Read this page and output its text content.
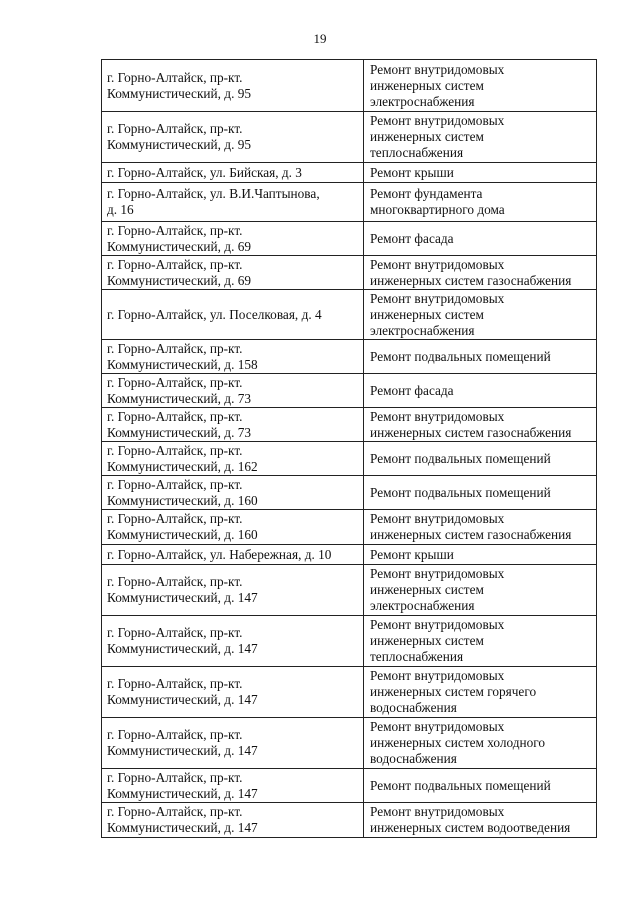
19
г. Горно-Алтайск, пр-кт.
Коммунистический, д. 95	Ремонт внутридомовых
инженерных систем
электроснабжения
г. Горно-Алтайск, пр-кт.
Коммунистический, д. 95	Ремонт внутридомовых
инженерных систем
теплоснабжения
г. Горно-Алтайск, ул. Бийская, д. 3	Ремонт крыши
г. Горно-Алтайск, ул. В.И.Чаптынова,
д. 16	Ремонт фундамента
многоквартирного дома
г. Горно-Алтайск, пр-кт.
Коммунистический, д. 69	Ремонт фасада
г. Горно-Алтайск, пр-кт.
Коммунистический, д. 69	Ремонт внутридомовых
инженерных систем газоснабжения
г. Горно-Алтайск, ул. Поселковая, д. 4	Ремонт внутридомовых
инженерных систем
электроснабжения
г. Горно-Алтайск, пр-кт.
Коммунистический, д. 158	Ремонт подвальных помещений
г. Горно-Алтайск, пр-кт.
Коммунистический, д. 73	Ремонт фасада
г. Горно-Алтайск, пр-кт.
Коммунистический, д. 73	Ремонт внутридомовых
инженерных систем газоснабжения
г. Горно-Алтайск, пр-кт.
Коммунистический, д. 162	Ремонт подвальных помещений
г. Горно-Алтайск, пр-кт.
Коммунистический, д. 160	Ремонт подвальных помещений
г. Горно-Алтайск, пр-кт.
Коммунистический, д. 160	Ремонт внутридомовых
инженерных систем газоснабжения
г. Горно-Алтайск, ул. Набережная, д. 10	Ремонт крыши
г. Горно-Алтайск, пр-кт.
Коммунистический, д. 147	Ремонт внутридомовых
инженерных систем
электроснабжения
г. Горно-Алтайск, пр-кт.
Коммунистический, д. 147	Ремонт внутридомовых
инженерных систем
теплоснабжения
г. Горно-Алтайск, пр-кт.
Коммунистический, д. 147	Ремонт внутридомовых
инженерных систем горячего
водоснабжения
г. Горно-Алтайск, пр-кт.
Коммунистический, д. 147	Ремонт внутридомовых
инженерных систем холодного
водоснабжения
г. Горно-Алтайск, пр-кт.
Коммунистический, д. 147	Ремонт подвальных помещений
г. Горно-Алтайск, пр-кт.
Коммунистический, д. 147	Ремонт внутридомовых
инженерных систем водоотведения
